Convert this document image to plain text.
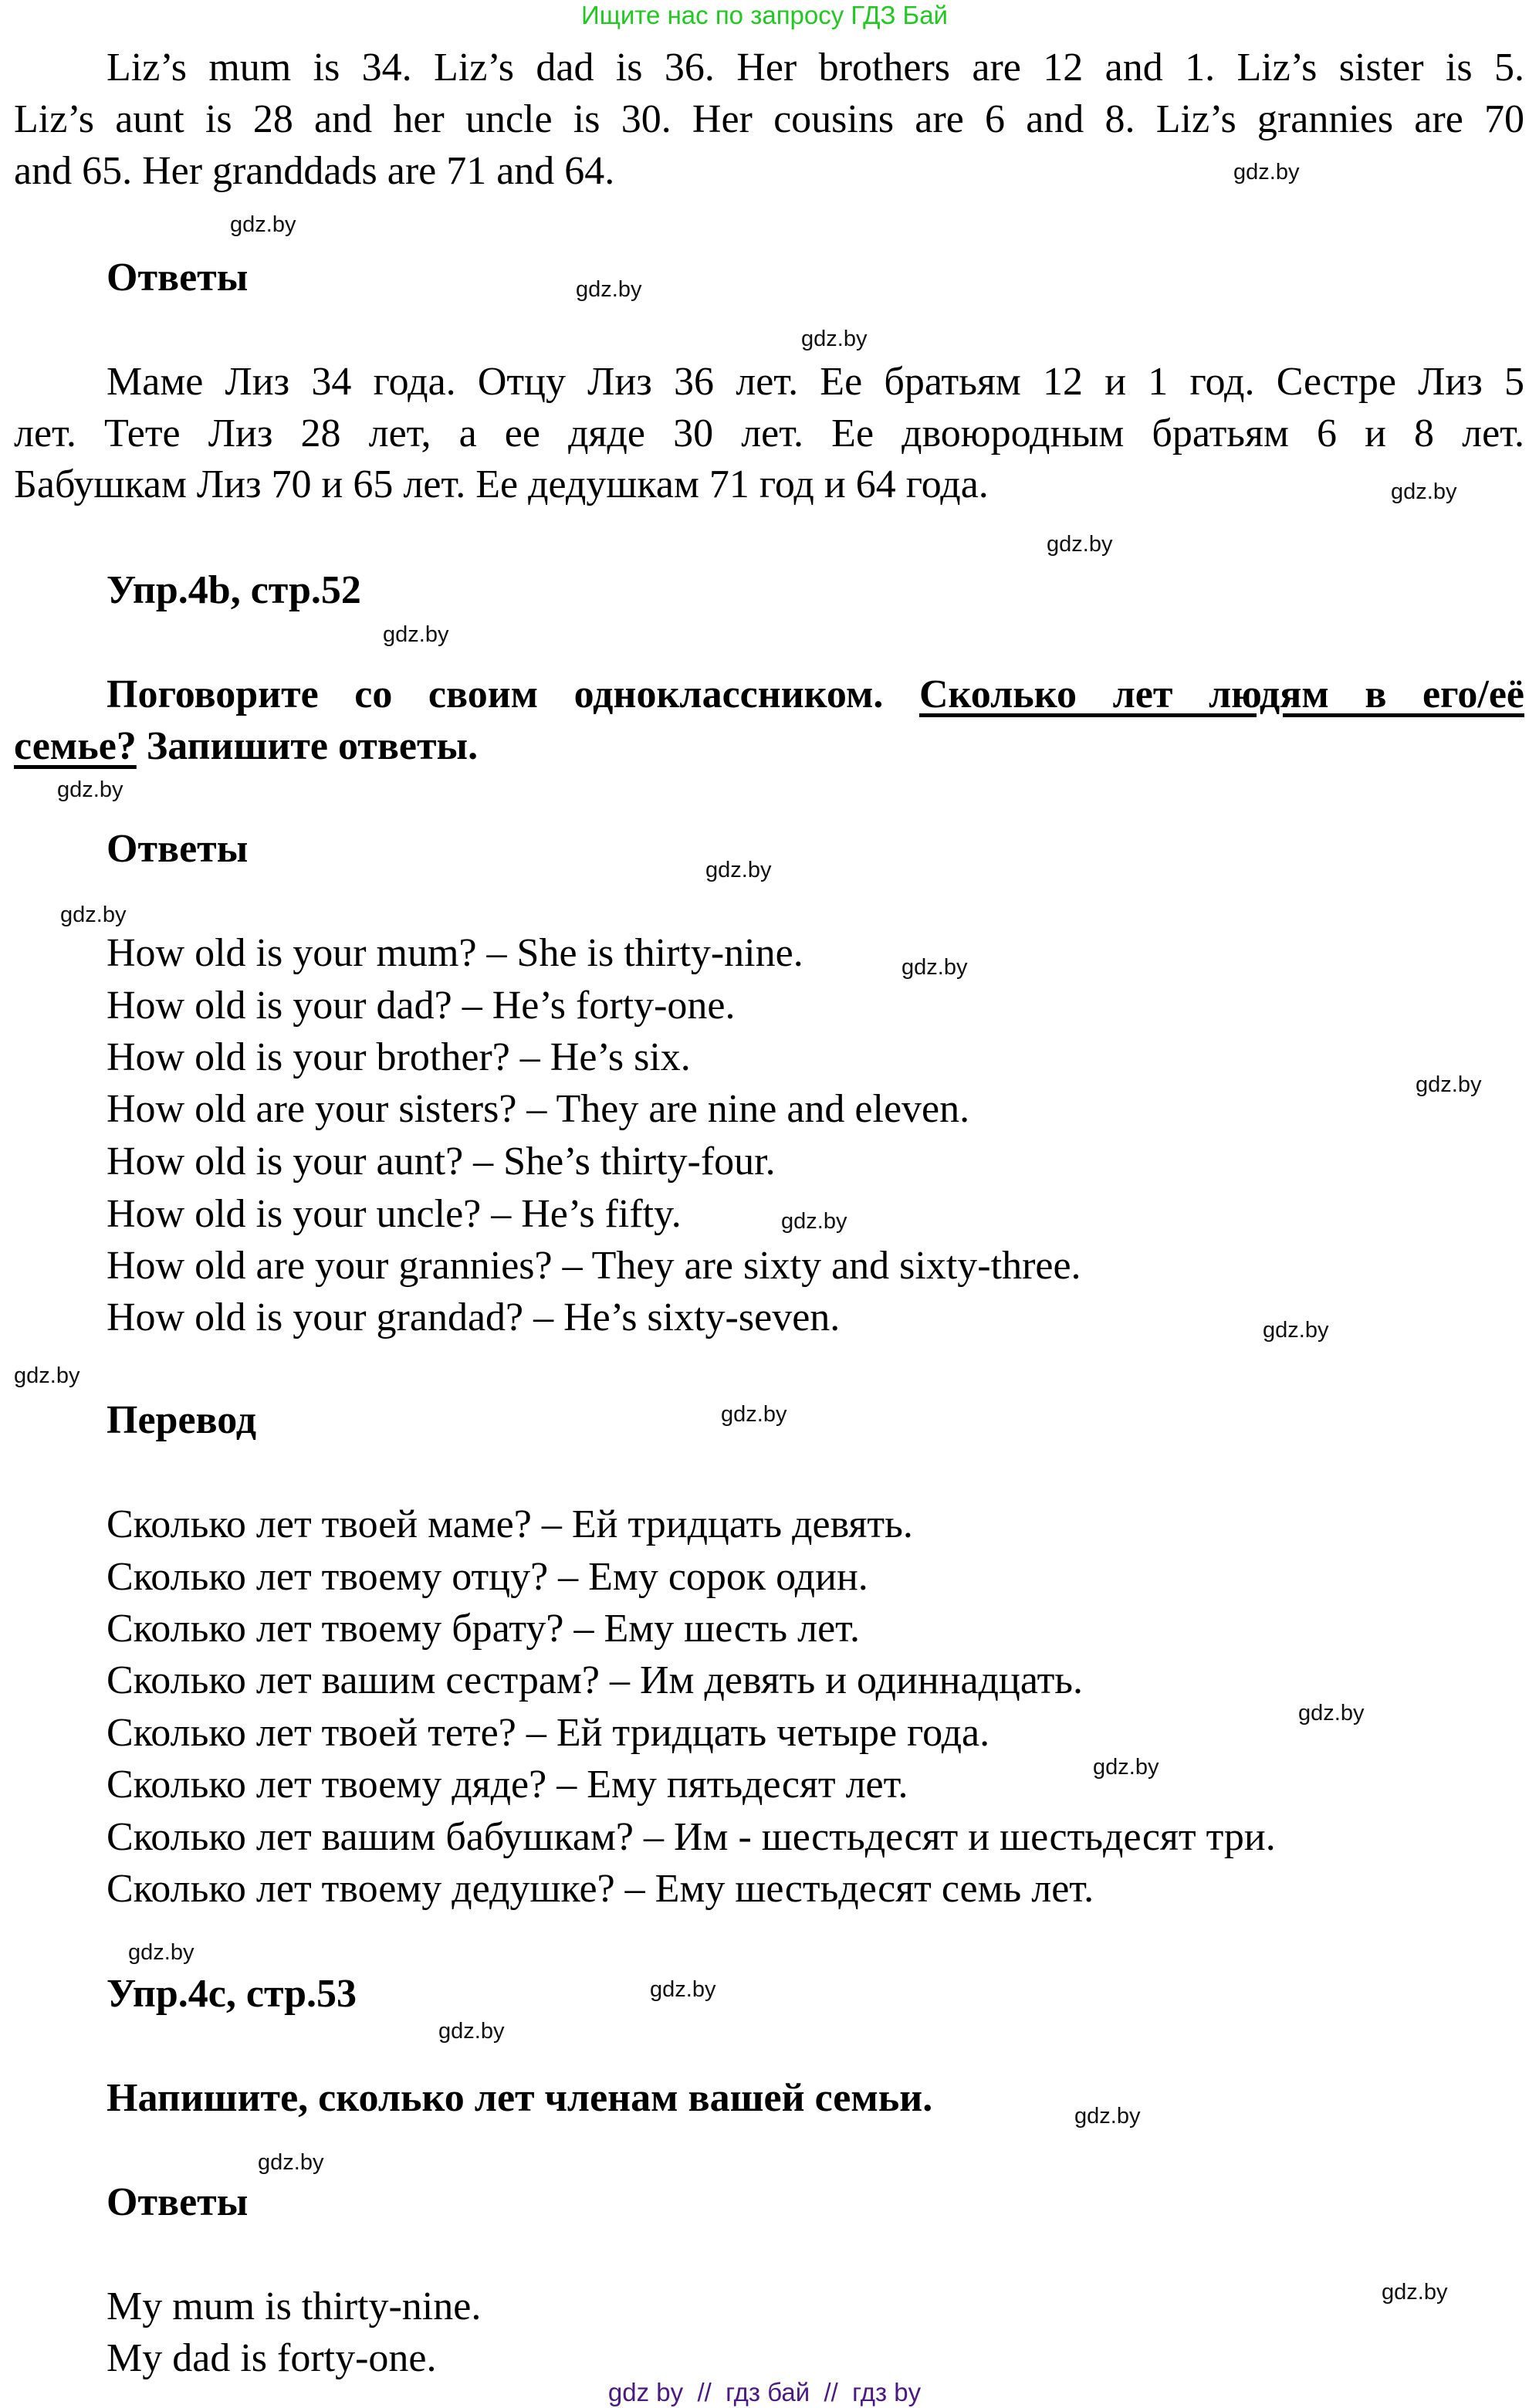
Ищите нас по запросу ГДЗ Бай
Liz’s mum is 34. Liz’s dad is 36. Her brothers are 12 and 1. Liz’s sister is 5.
Liz’s aunt is 28 and her uncle is 30. Her cousins are 6 and 8. Liz’s grannies are 70
and 65. Her granddads are 71 and 64.
Ответы
Маме Лиз 34 года. Отцу Лиз 36 лет. Ее братьям 12 и 1 год. Сестре Лиз 5
лет. Тете Лиз 28 лет, а ее дяде 30 лет. Ее двоюродным братьям 6 и 8 лет.
Бабушкам Лиз 70 и 65 лет. Ее дедушкам 71 год и 64 года.
Упр.4b, стр.52
Поговорите со своим одноклассником. Сколько лет людям в его/её
семье? Запишите ответы.
Ответы
How old is your mum? – She is thirty-nine.
How old is your dad? – He’s forty-one.
How old is your brother? – He’s six.
How old are your sisters? – They are nine and eleven.
How old is your aunt? – She’s thirty-four.
How old is your uncle? – He’s fifty.
How old are your grannies? – They are sixty and sixty-three.
How old is your grandad? – He’s sixty-seven.
Перевод
Сколько лет твоей маме? – Ей тридцать девять.
Сколько лет твоему отцу? – Ему сорок один.
Сколько лет твоему брату? – Ему шесть лет.
Сколько лет вашим сестрам? – Им девять и одиннадцать.
Сколько лет твоей тете? – Ей тридцать четыре года.
Сколько лет твоему дяде? – Ему пятьдесят лет.
Сколько лет вашим бабушкам? – Им - шестьдесят и шестьдесят три.
Сколько лет твоему дедушке? – Ему шестьдесят семь лет.
Упр.4c, стр.53
Напишите, сколько лет членам вашей семьи.
Ответы
My mum is thirty-nine.
My dad is forty-one.
gdz.by
gdz.by
gdz.by
gdz.by
gdz.by
gdz.by
gdz.by
gdz.by
gdz.by
gdz.by
gdz.by
gdz.by
gdz.by
gdz.by
gdz.by
gdz.by
gdz.by
gdz.by
gdz.by
gdz.by
gdz.by
gdz.by
gdz.by
gdz.by
gdz by  //  гдз бай  //  гдз by
